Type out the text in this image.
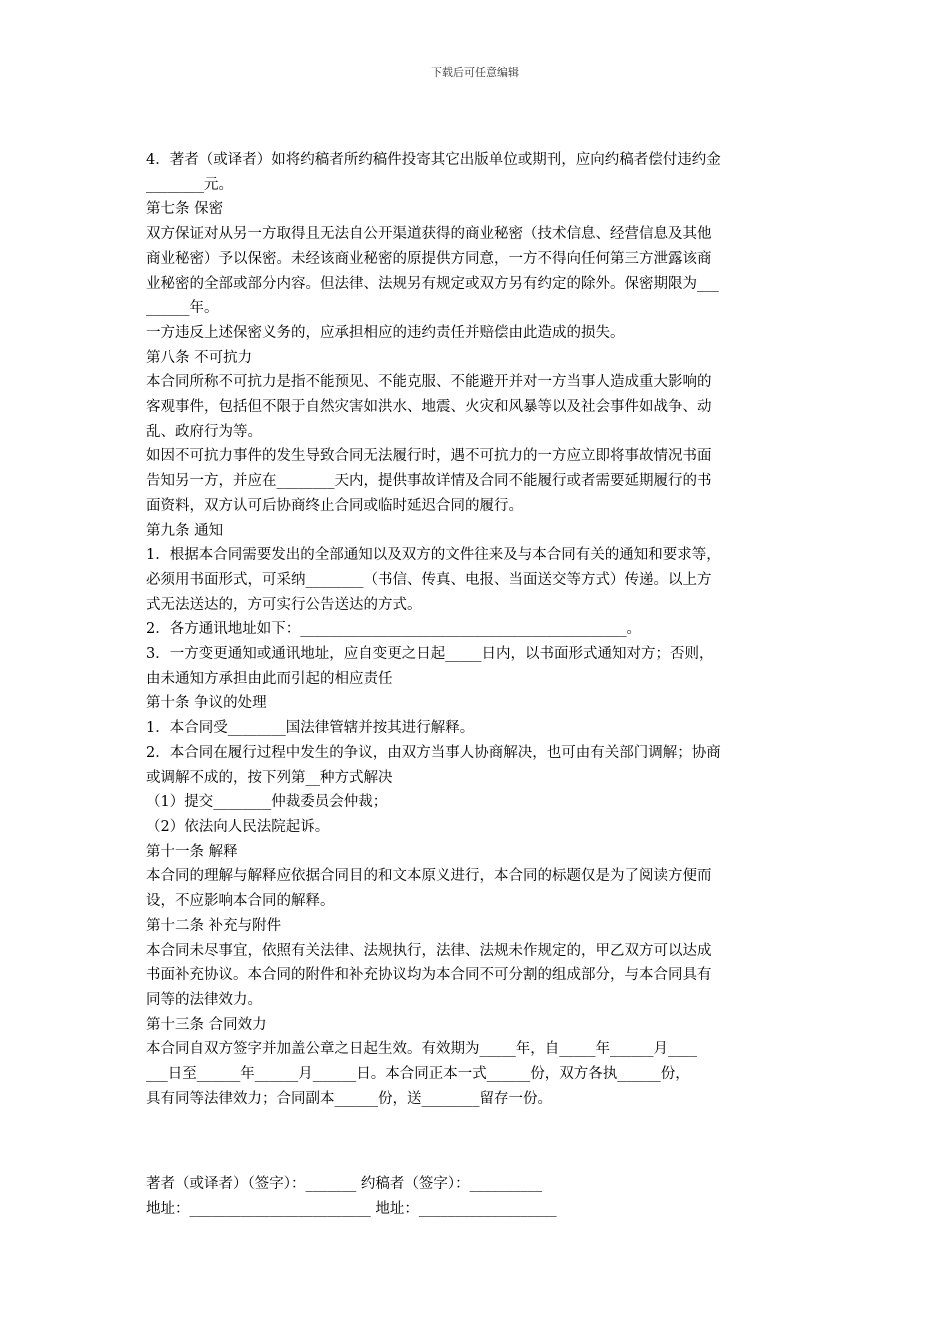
下载后可任意编辑

4．著者（或译者）如将约稿者所约稿件投寄其它出版单位或期刊，应向约稿者偿付违约金

________元。

第七条 保密

双方保证对从另一方取得且无法自公开渠道获得的商业秘密（技术信息、经营信息及其他

商业秘密）予以保密。未经该商业秘密的原提供方同意，一方不得向任何第三方泄露该商

业秘密的全部或部分内容。但法律、法规另有规定或双方另有约定的除外。保密期限为___

______年。

一方违反上述保密义务的，应承担相应的违约责任并赔偿由此造成的损失。

第八条 不可抗力

本合同所称不可抗力是指不能预见、不能克服、不能避开并对一方当事人造成重大影响的

客观事件，包括但不限于自然灾害如洪水、地震、火灾和风暴等以及社会事件如战争、动

乱、政府行为等。

如因不可抗力事件的发生导致合同无法履行时，遇不可抗力的一方应立即将事故情况书面

告知另一方，并应在________天内，提供事故详情及合同不能履行或者需要延期履行的书

面资料，双方认可后协商终止合同或临时延迟合同的履行。

第九条 通知

1．根据本合同需要发出的全部通知以及双方的文件往来及与本合同有关的通知和要求等，

必须用书面形式，可采纳________（书信、传真、电报、当面送交等方式）传递。以上方

式无法送达的，方可实行公告送达的方式。

2．各方通讯地址如下：_____________________________________________。

3．一方变更通知或通讯地址，应自变更之日起_____日内，以书面形式通知对方；否则，

由未通知方承担由此而引起的相应责任

第十条 争议的处理

1．本合同受________国法律管辖并按其进行解释。

2．本合同在履行过程中发生的争议，由双方当事人协商解决，也可由有关部门调解；协商

或调解不成的，按下列第__种方式解决

（1）提交________仲裁委员会仲裁；

（2）依法向人民法院起诉。

第十一条 解释

本合同的理解与解释应依据合同目的和文本原义进行，本合同的标题仅是为了阅读方便而

设，不应影响本合同的解释。

第十二条 补充与附件

本合同未尽事宜，依照有关法律、法规执行，法律、法规未作规定的，甲乙双方可以达成

书面补充协议。本合同的附件和补充协议均为本合同不可分割的组成部分，与本合同具有

同等的法律效力。

第十三条 合同效力

本合同自双方签字并加盖公章之日起生效。有效期为_____年，自_____年______月____

___日至______年______月______日。本合同正本一式______份，双方各执______份，

具有同等法律效力；合同副本______份，送________留存一份。

著者（或译者）（签字）：_______ 约稿者（签字）：__________
地址：_________________________ 地址：___________________
